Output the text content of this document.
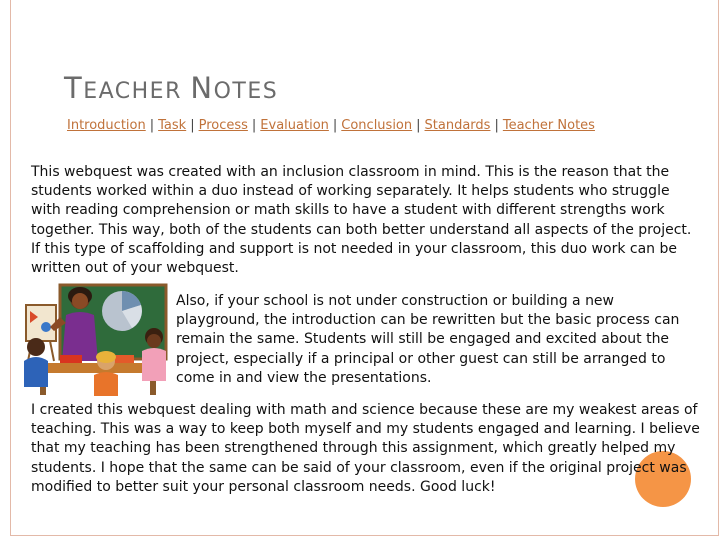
TEACHER NOTES
Introduction | Task | Process | Evaluation | Conclusion | Standards | Teacher Notes

This webquest was created with an inclusion classroom in mind. This is the reason that the students worked within a duo instead of working separately. It helps students who struggle with reading comprehension or math skills to have a student with different strengths work together. This way, both of the students can both better understand all aspects of the project. If this type of scaffolding and support is not needed in your classroom, this duo work can be written out of your webquest.

Also, if your school is not under construction or building a new playground, the introduction can be rewritten but the basic process can remain the same. Students will still be engaged and excited about the project, especially if a principal or other guest can still be arranged to come in and view the presentations.

I created this webquest dealing with math and science because these are my weakest areas of teaching. This was a way to keep both myself and my students engaged and learning. I believe that my teaching has been strengthened through this assignment, which greatly helped my students. I hope that the same can be said of your classroom, even if the original project was modified to better suit your personal classroom needs. Good luck!
